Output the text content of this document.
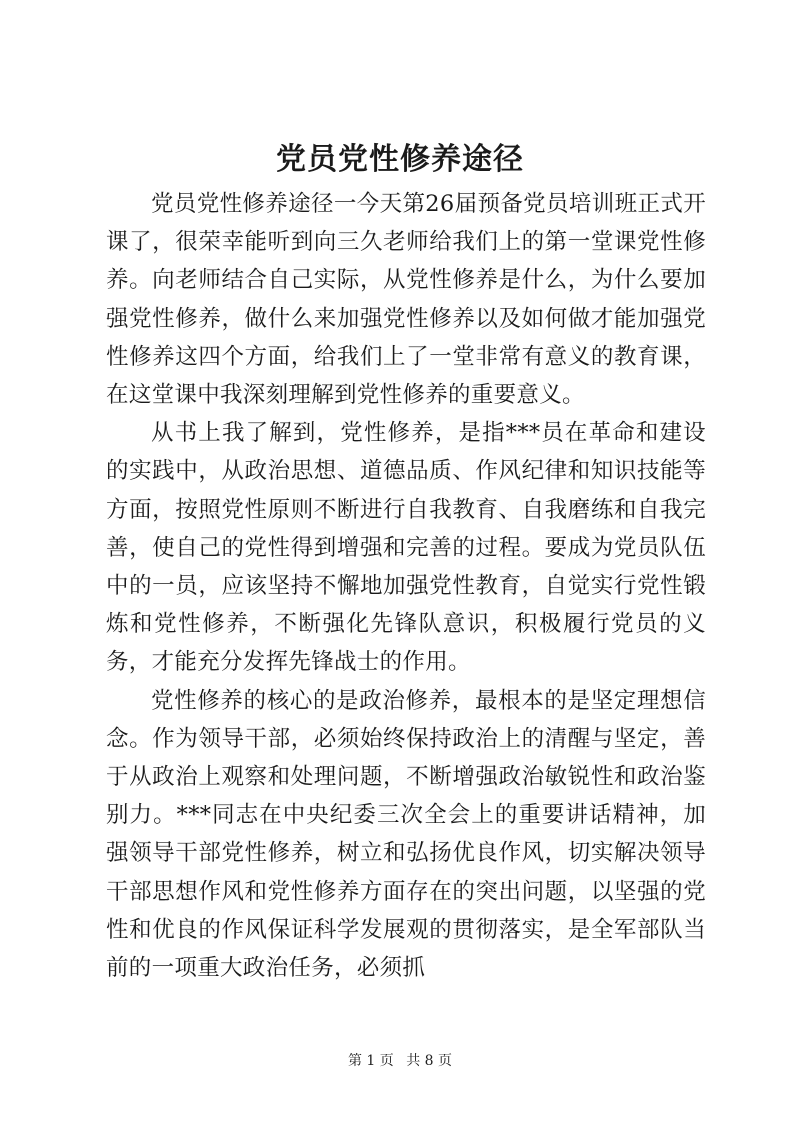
党员党性修养途径

党员党性修养途径一今天第26届预备党员培训班正式开课了，很荣幸能听到向三久老师给我们上的第一堂课党性修养。向老师结合自己实际，从党性修养是什么，为什么要加强党性修养，做什么来加强党性修养以及如何做才能加强党性修养这四个方面，给我们上了一堂非常有意义的教育课，在这堂课中我深刻理解到党性修养的重要意义。

从书上我了解到，党性修养，是指***员在革命和建设的实践中，从政治思想、道德品质、作风纪律和知识技能等方面，按照党性原则不断进行自我教育、自我磨练和自我完善，使自己的党性得到增强和完善的过程。要成为党员队伍中的一员，应该坚持不懈地加强党性教育，自觉实行党性锻炼和党性修养，不断强化先锋队意识，积极履行党员的义务，才能充分发挥先锋战士的作用。

党性修养的核心的是政治修养，最根本的是坚定理想信念。作为领导干部，必须始终保持政治上的清醒与坚定，善于从政治上观察和处理问题，不断增强政治敏锐性和政治鉴别力。***同志在中央纪委三次全会上的重要讲话精神，加强领导干部党性修养，树立和弘扬优良作风，切实解决领导干部思想作风和党性修养方面存在的突出问题，以坚强的党性和优良的作风保证科学发展观的贯彻落实，是全军部队当前的一项重大政治任务，必须抓

第 1 页 共 8 页
